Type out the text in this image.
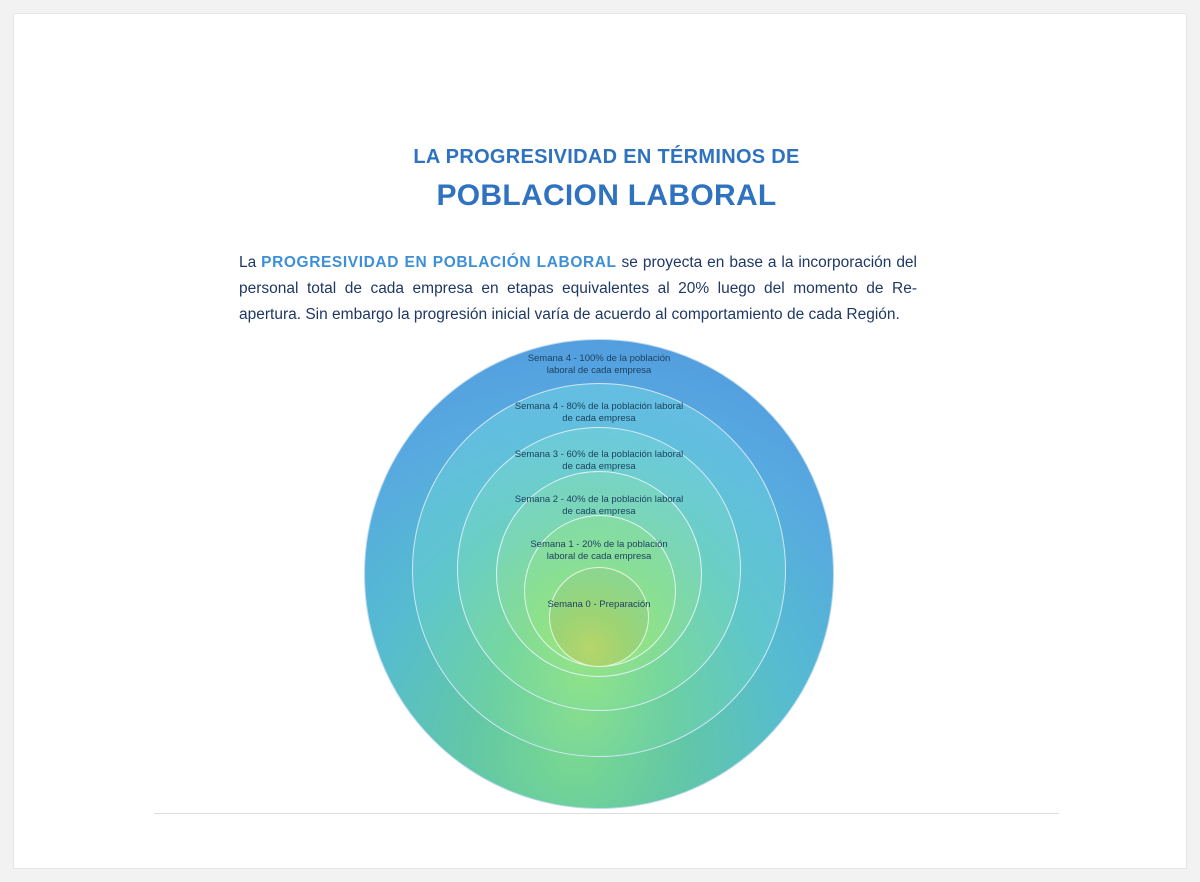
LA PROGRESIVIDAD EN TÉRMINOS DE
POBLACION LABORAL

La PROGRESIVIDAD EN POBLACIÓN LABORAL se proyecta en base a la incorporación del personal total de cada empresa en etapas equivalentes al 20% luego del momento de Re-apertura. Sin embargo la progresión inicial varía de acuerdo al comportamiento de cada Región.

Semana 4 - 100% de la población laboral de cada empresa
Semana 4 - 80% de la población laboral de cada empresa
Semana 3 - 60% de la población laboral de cada empresa
Semana 2 - 40% de la población laboral de cada empresa
Semana 1 - 20% de la población laboral de cada empresa
Semana 0 - Preparación
